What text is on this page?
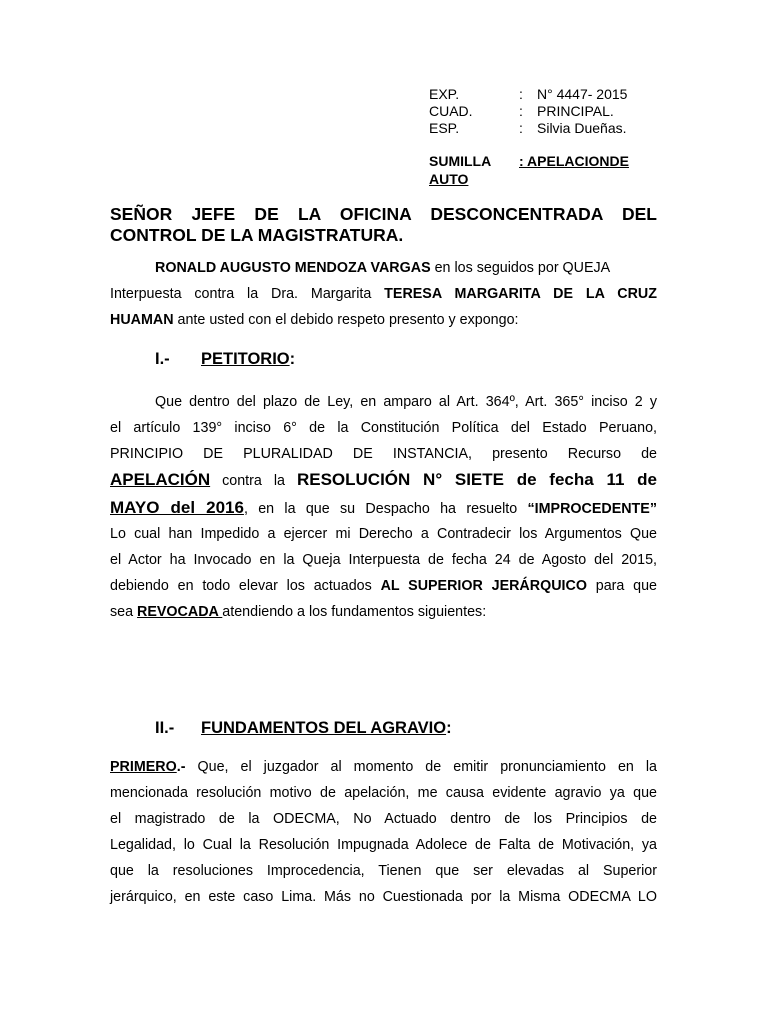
EXP.	: N° 4447- 2015
CUAD.	: PRINCIPAL.
ESP.	: Silvia Dueñas.
SUMILLA : APELACIONDE
AUTO
SEÑOR JEFE DE LA OFICINA DESCONCENTRADA DEL
CONTROL DE LA MAGISTRATURA.
RONALD AUGUSTO MENDOZA VARGAS en los seguidos por QUEJA
Interpuesta contra la Dra. Margarita TERESA MARGARITA DE LA CRUZ
HUAMAN ante usted con el debido respeto presento y expongo:
I.- PETITORIO:
Que dentro del plazo de Ley, en amparo al Art. 364º, Art. 365° inciso 2 y
el artículo 139° inciso 6° de la Constitución Política del Estado Peruano,
PRINCIPIO DE PLURALIDAD DE INSTANCIA, presento Recurso de
APELACIÓN contra la RESOLUCIÓN N° SIETE de fecha 11 de
MAYO del 2016, en la que su Despacho ha resuelto “IMPROCEDENTE”
Lo cual han Impedido a ejercer mi Derecho a Contradecir los Argumentos Que
el Actor ha Invocado en la Queja Interpuesta de fecha 24 de Agosto del 2015,
debiendo en todo elevar los actuados AL SUPERIOR JERÁRQUICO para que
sea REVOCADA atendiendo a los fundamentos siguientes:
II.- FUNDAMENTOS DEL AGRAVIO:
PRIMERO.- Que, el juzgador al momento de emitir pronunciamiento en la
mencionada resolución motivo de apelación, me causa evidente agravio ya que
el magistrado de la ODECMA, No Actuado dentro de los Principios de
Legalidad, lo Cual la Resolución Impugnada Adolece de Falta de Motivación, ya
que la resoluciones Improcedencia, Tienen que ser elevadas al Superior
jerárquico, en este caso Lima. Más no Cuestionada por la Misma ODECMA LO
